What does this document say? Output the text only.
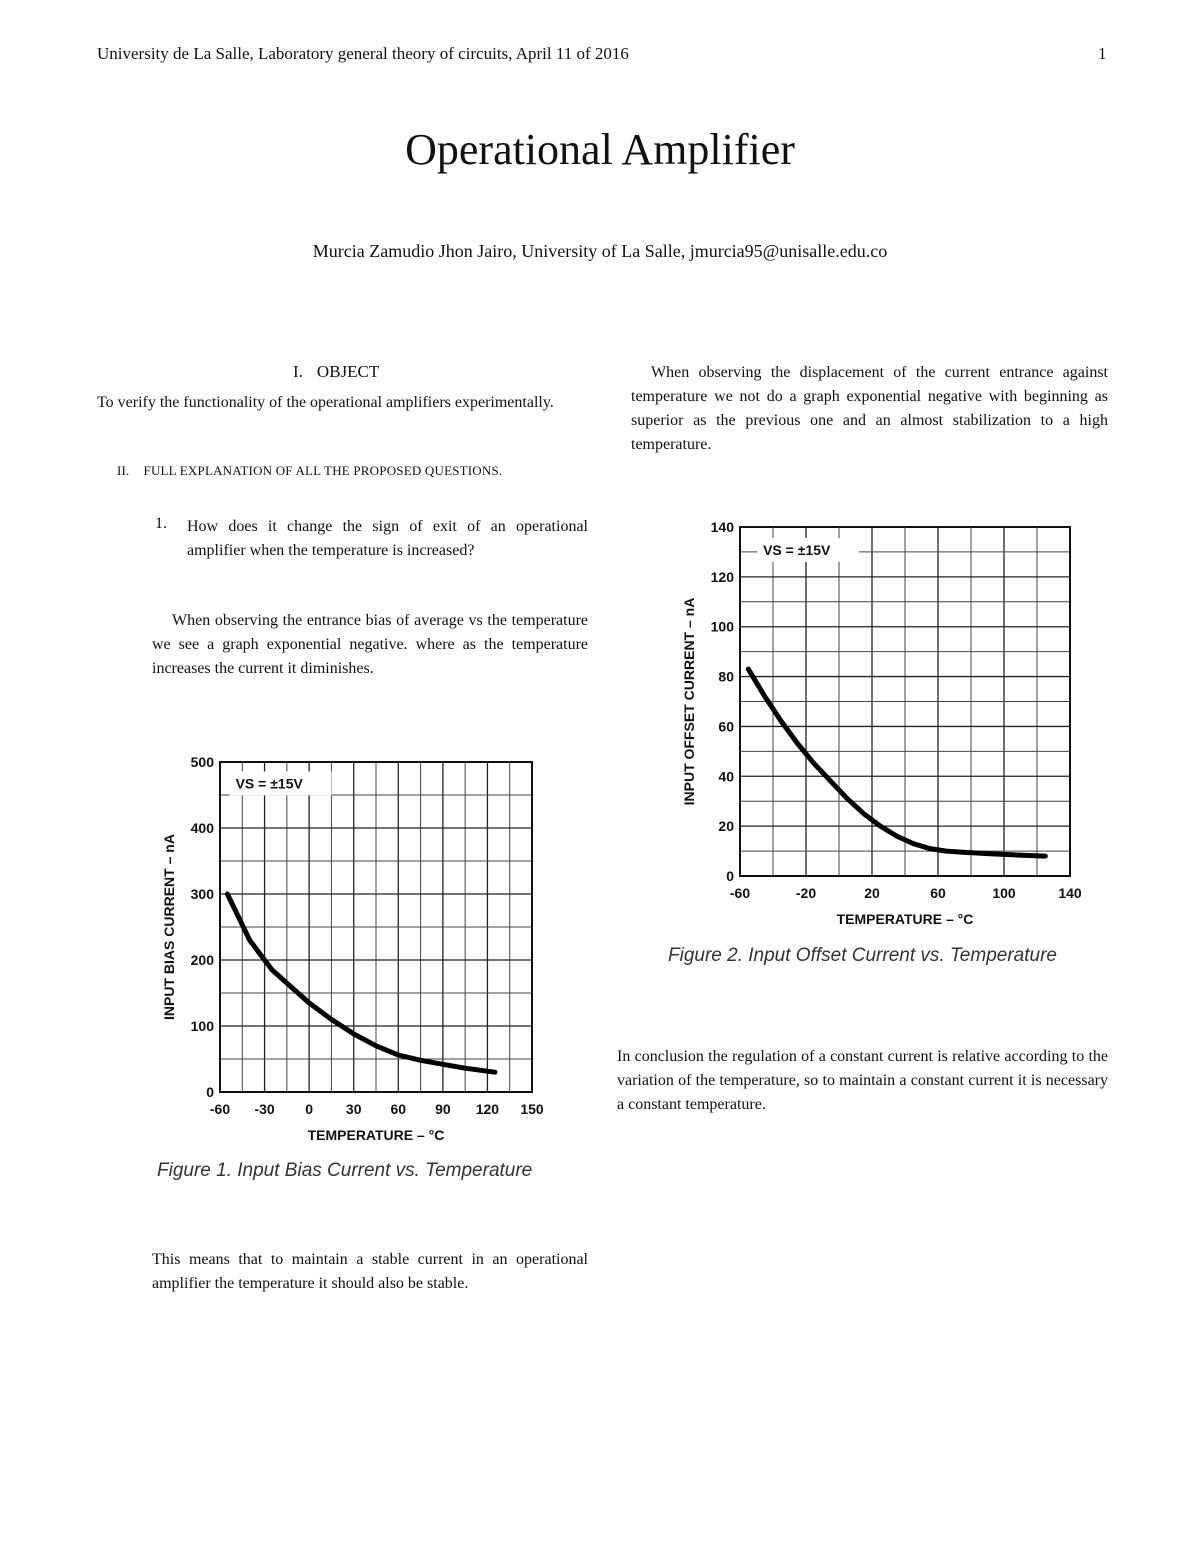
University de La Salle, Laboratory general theory of circuits, April 11 of 2016	1
Operational Amplifier
Murcia Zamudio Jhon Jairo, University of La Salle, jmurcia95@unisalle.edu.co
I. OBJECT
To verify the functionality of the operational amplifiers experimentally.
II. FULL EXPLANATION OF ALL THE PROPOSED QUESTIONS.
1. How does it change the sign of exit of an operational amplifier when the temperature is increased?
When observing the entrance bias of average vs the temperature we see a graph exponential negative. where as the temperature increases the current it diminishes.
-60 -30 0 30 60 90 120 150
0
100
200
300
400
500
TEMPERATURE – °C
INPUT BIAS CURRENT – nA
VS = ±15V
Figure 1. Input Bias Current vs. Temperature
This means that to maintain a stable current in an operational amplifier the temperature it should also be stable.
When observing the displacement of the current entrance against temperature we not do a graph exponential negative with beginning as superior as the previous one and an almost stabilization to a high temperature.
-60	-20	20	60	100	140
0
20
40
60
80
100
120
140
TEMPERATURE – °C
INPUT OFFSET CURRENT – nA
VS = ±15V
Figure 2. Input Offset Current vs. Temperature
In conclusion the regulation of a constant current is relative according to the variation of the temperature, so to maintain a constant current it is necessary a constant temperature.
